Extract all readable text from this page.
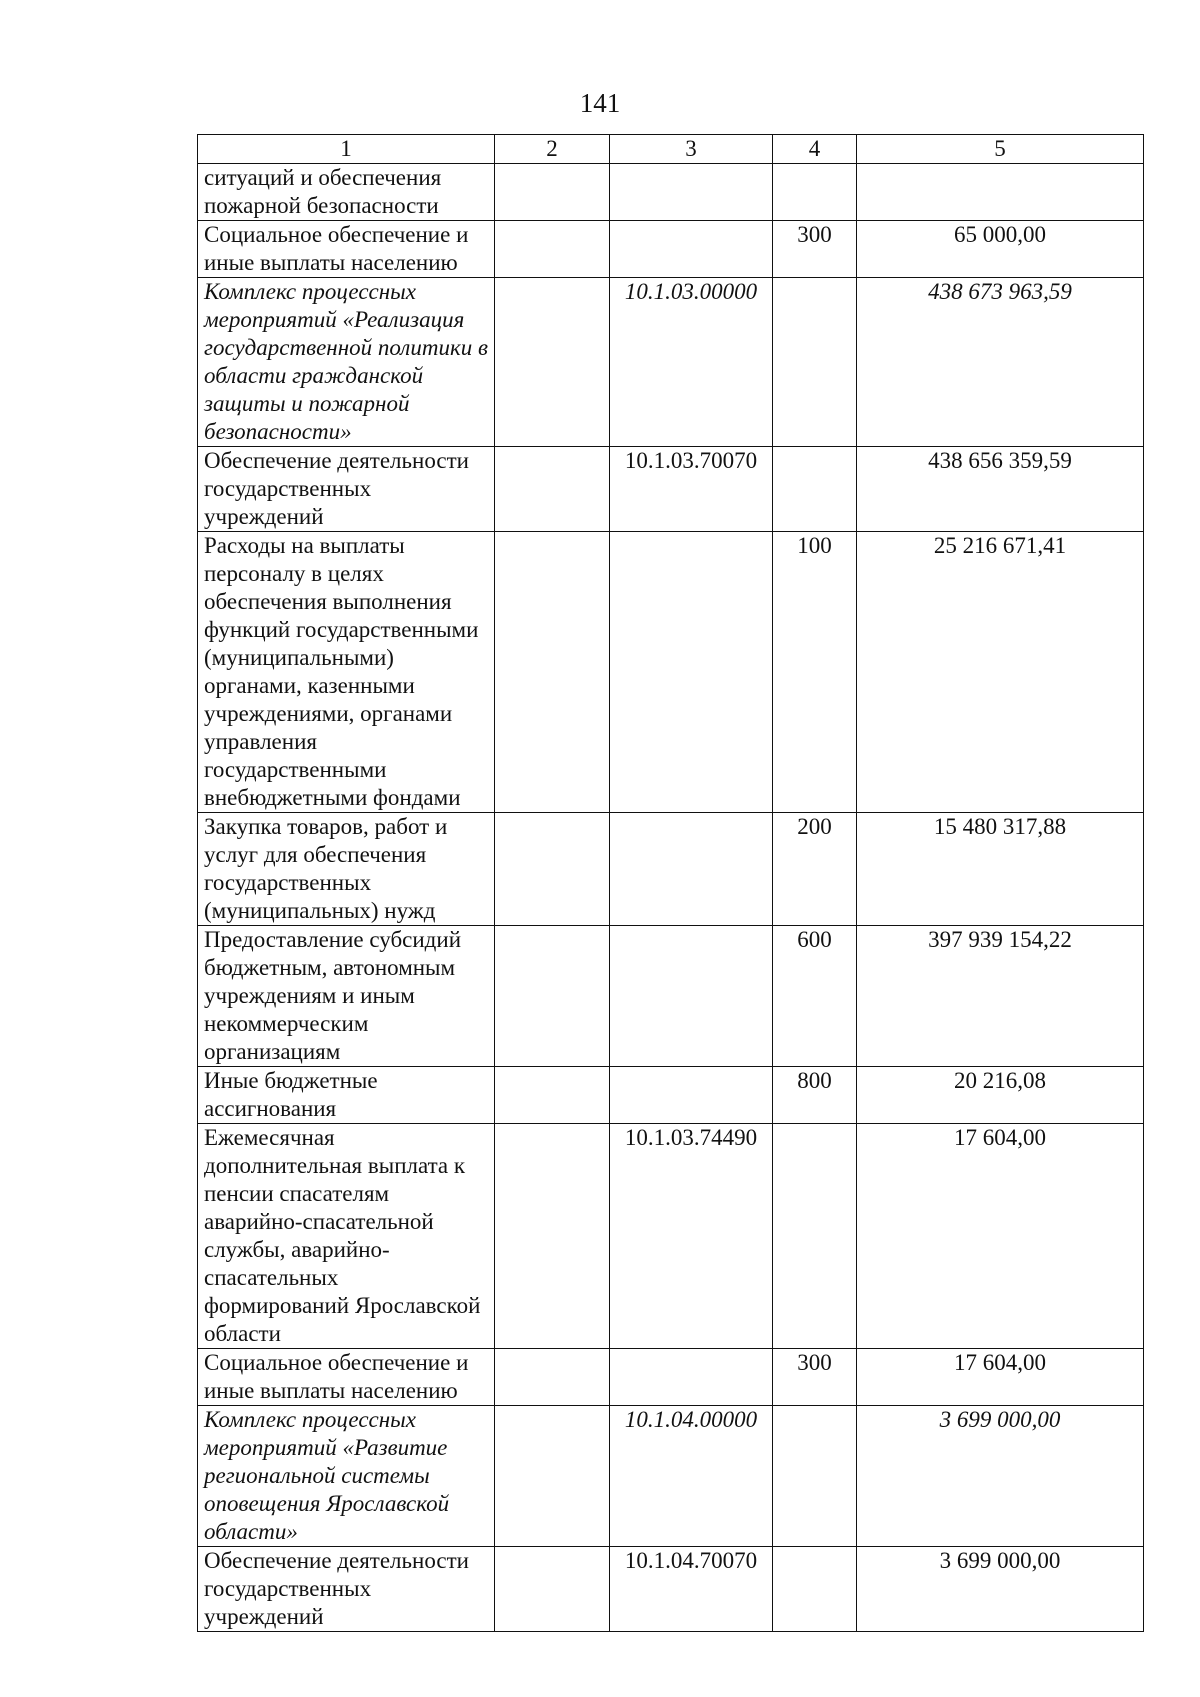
141
1	2	3	4	5
ситуаций и обеспечения пожарной безопасности				
Социальное обеспечение и иные выплаты населению			300	65 000,00
Комплекс процессных мероприятий «Реализация государственной политики в области гражданской защиты и пожарной безопасности»		10.1.03.00000		438 673 963,59
Обеспечение деятельности государственных учреждений		10.1.03.70070		438 656 359,59
Расходы на выплаты персоналу в целях обеспечения выполнения функций государственными (муниципальными) органами, казенными учреждениями, органами управления государственными внебюджетными фондами			100	25 216 671,41
Закупка товаров, работ и услуг для обеспечения государственных (муниципальных) нужд			200	15 480 317,88
Предоставление субсидий бюджетным, автономным учреждениям и иным некоммерческим организациям			600	397 939 154,22
Иные бюджетные ассигнования			800	20 216,08
Ежемесячная дополнительная выплата к пенсии спасателям аварийно-спасательной службы, аварийно-спасательных формирований Ярославской области		10.1.03.74490		17 604,00
Социальное обеспечение и иные выплаты населению			300	17 604,00
Комплекс процессных мероприятий «Развитие региональной системы оповещения Ярославской области»		10.1.04.00000		3 699 000,00
Обеспечение деятельности государственных учреждений		10.1.04.70070		3 699 000,00
